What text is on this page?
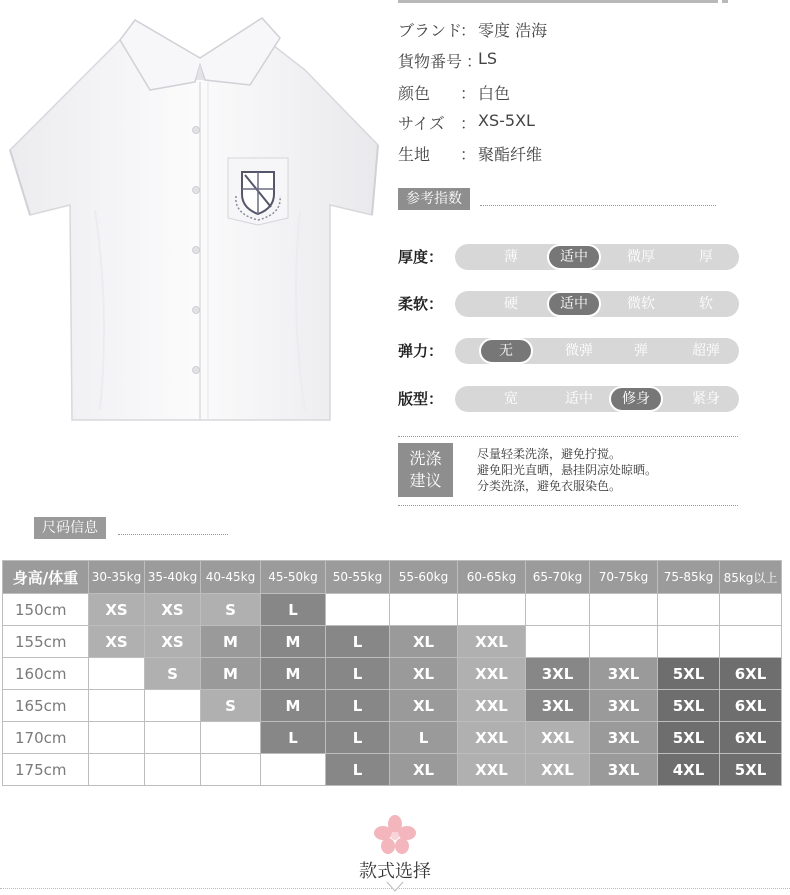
ブランド
： 零度 浩海
貨物番号 ：
LS
颜色 ： 白色
サイズ ： XS-5XL
生地 ： 聚酯纤维
参考指数
厚度：	薄	适中	微厚	厚
柔软：	硬	适中	微软	软
弹力：	无	微弹	弹	超弹
版型：	宽	适中	修身	紧身
洗涤
建议
尽量轻柔洗涤，避免拧搅。
避免阳光直晒，悬挂阴凉处晾晒。
分类洗涤，避免衣服染色。
尺码信息
身高/体重	30-35kg	35-40kg	40-45kg	45-50kg	50-55kg	55-60kg	60-65kg	65-70kg	70-75kg	75-85kg	85kg以上
150cm	XS	XS	S	L							
155cm	XS	XS	M	M	L	XL	XXL				
160cm		S	M	M	L	XL	XXL	3XL	3XL	5XL	6XL
165cm			S	M	L	XL	XXL	3XL	3XL	5XL	6XL
170cm				L	L	L	XXL	XXL	3XL	5XL	6XL
175cm					L	XL	XXL	XXL	3XL	4XL	5XL
款式选择
